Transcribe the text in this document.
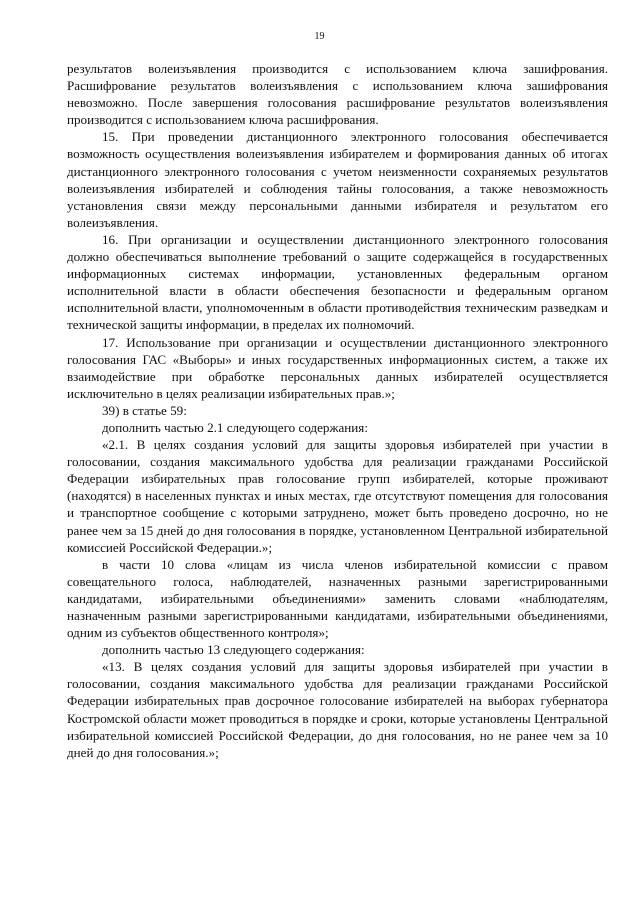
19

результатов волеизъявления производится с использованием ключа зашифрования. Расшифрование результатов волеизъявления с использованием ключа зашифрования невозможно. После завершения голосования расшифрование результатов волеизъявления производится с использованием ключа расшифрования.

15. При проведении дистанционного электронного голосования обеспечивается возможность осуществления волеизъявления избирателем и формирования данных об итогах дистанционного электронного голосования с учетом неизменности сохраняемых результатов волеизъявления избирателей и соблюдения тайны голосования, а также невозможность установления связи между персональными данными избирателя и результатом его волеизъявления.

16. При организации и осуществлении дистанционного электронного голосования должно обеспечиваться выполнение требований о защите содержащейся в государственных информационных системах информации, установленных федеральным органом исполнительной власти в области обеспечения безопасности и федеральным органом исполнительной власти, уполномоченным в области противодействия техническим разведкам и технической защиты информации, в пределах их полномочий.

17. Использование при организации и осуществлении дистанционного электронного голосования ГАС «Выборы» и иных государственных информационных систем, а также их взаимодействие при обработке персональных данных избирателей осуществляется исключительно в целях реализации избирательных прав.»;

39) в статье 59:

дополнить частью 2.1 следующего содержания:

«2.1. В целях создания условий для защиты здоровья избирателей при участии в голосовании, создания максимального удобства для реализации гражданами Российской Федерации избирательных прав голосование групп избирателей, которые проживают (находятся) в населенных пунктах и иных местах, где отсутствуют помещения для голосования и транспортное сообщение с которыми затруднено, может быть проведено досрочно, но не ранее чем за 15 дней до дня голосования в порядке, установленном Центральной избирательной комиссией Российской Федерации.»;

в части 10 слова «лицам из числа членов избирательной комиссии с правом совещательного голоса, наблюдателей, назначенных разными зарегистрированными кандидатами, избирательными объединениями» заменить словами «наблюдателям, назначенным разными зарегистрированными кандидатами, избирательными объединениями, одним из субъектов общественного контроля»;

дополнить частью 13 следующего содержания:

«13. В целях создания условий для защиты здоровья избирателей при участии в голосовании, создания максимального удобства для реализации гражданами Российской Федерации избирательных прав досрочное голосование избирателей на выборах губернатора Костромской области может проводиться в порядке и сроки, которые установлены Центральной избирательной комиссией Российской Федерации, до дня голосования, но не ранее чем за 10 дней до дня голосования.»;
